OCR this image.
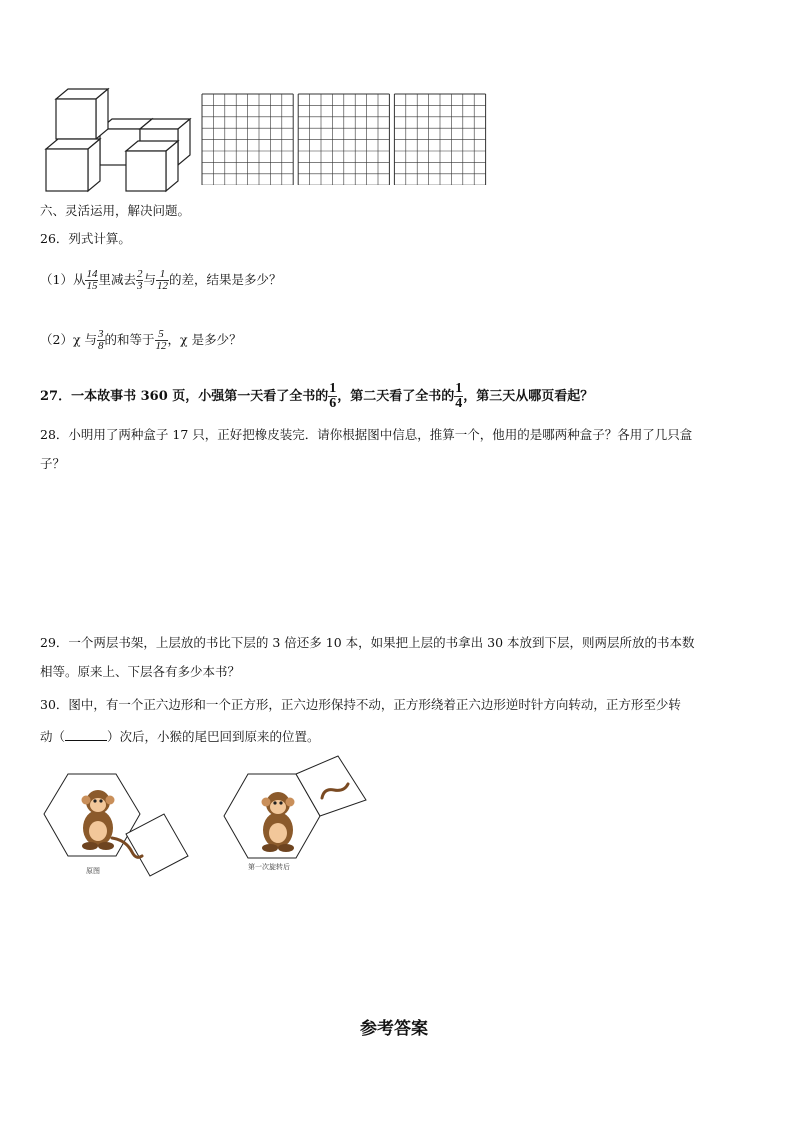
六、灵活运用，解决问题。
26．列式计算。
（1）从 $\frac{14}{15}$ 里减去 $\frac{2}{3}$ 与 $\frac{1}{12}$ 的差，结果是多少？
（2）χ 与 $\frac{3}{8}$ 的和等于 $\frac{5}{12}$ ，χ 是多少？
27．一本故事书 360 页，小强第一天看了全书的 $\frac{1}{6}$ ，第二天看了全书的 $\frac{1}{4}$ ，第三天从哪页看起？
28．小明用了两种盒子 17 只，正好把橡皮装完．请你根据图中信息，推算一个，他用的是哪两种盒子？各用了几只盒
子？
29．一个两层书架，上层放的书比下层的 3 倍还多 10 本，如果把上层的书拿出 30 本放到下层，则两层所放的书本数
相等。原来上、下层各有多少本书？
30．图中，有一个正六边形和一个正方形，正六边形保持不动，正方形绕着正六边形逆时针方向转动，正方形至少转
动（	）次后，小猴的尾巴回到原来的位置。
原图	第一次旋转后
参考答案
